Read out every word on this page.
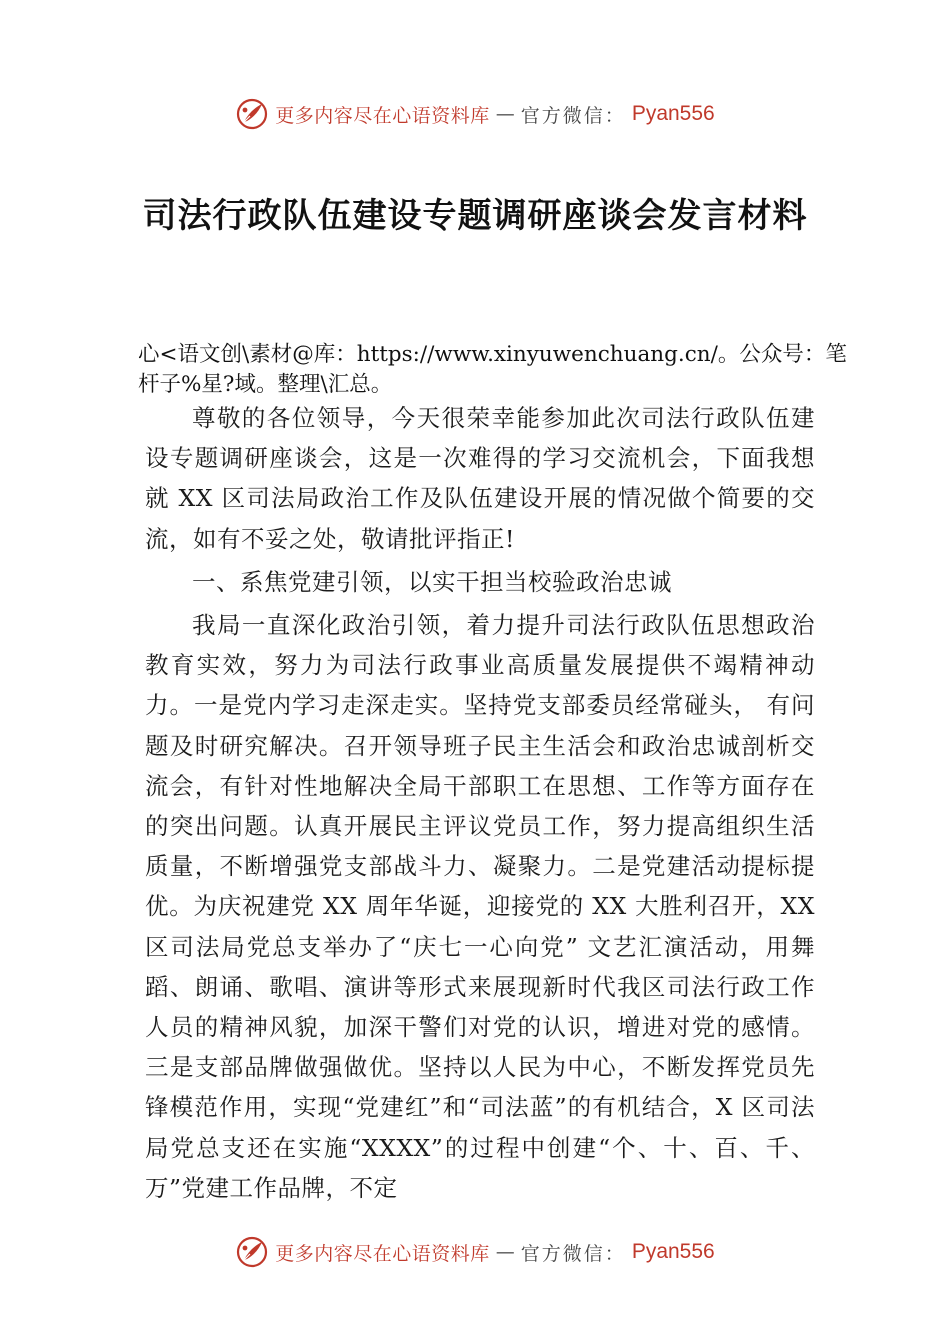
更多内容尽在心语资料库 — 官方微信： Pyan556
司法行政队伍建设专题调研座谈会发言材料

心<语文创\素材@库：https://www.xinyuwenchuang.cn/。公众号：笔杆子%星?域。整理\汇总。

尊敬的各位领导，今天很荣幸能参加此次司法行政队伍建设专题调研座谈会，这是一次难得的学习交流机会，下面我想就 XX 区司法局政治工作及队伍建设开展的情况做个简要的交流，如有不妥之处，敬请批评指正!

一、系焦党建引领，以实干担当校验政治忠诚

我局一直深化政治引领，着力提升司法行政队伍思想政治教育实效，努力为司法行政事业高质量发展提供不竭精神动力。一是党内学习走深走实。坚持党支部委员经常碰头， 有问题及时研究解决。召开领导班子民主生活会和政治忠诚剖析交流会，有针对性地解决全局干部职工在思想、工作等方面存在的突出问题。认真开展民主评议党员工作，努力提高组织生活质量，不断增强党支部战斗力、凝聚力。二是党建活动提标提优。为庆祝建党 XX 周年华诞，迎接党的 XX 大胜利召开，XX 区司法局党总支举办了“庆七一心向党” 文艺汇演活动，用舞蹈、朗诵、歌唱、演讲等形式来展现新时代我区司法行政工作人员的精神风貌，加深干警们对党的认识，增进对党的感情。三是支部品牌做强做优。坚持以人民为中心，不断发挥党员先锋模范作用，实现“党建红”和“司法蓝”的有机结合，X 区司法局党总支还在实施“XXXX”的过程中创建“个、十、百、千、万”党建工作品牌，不定

更多内容尽在心语资料库 — 官方微信： Pyan556
